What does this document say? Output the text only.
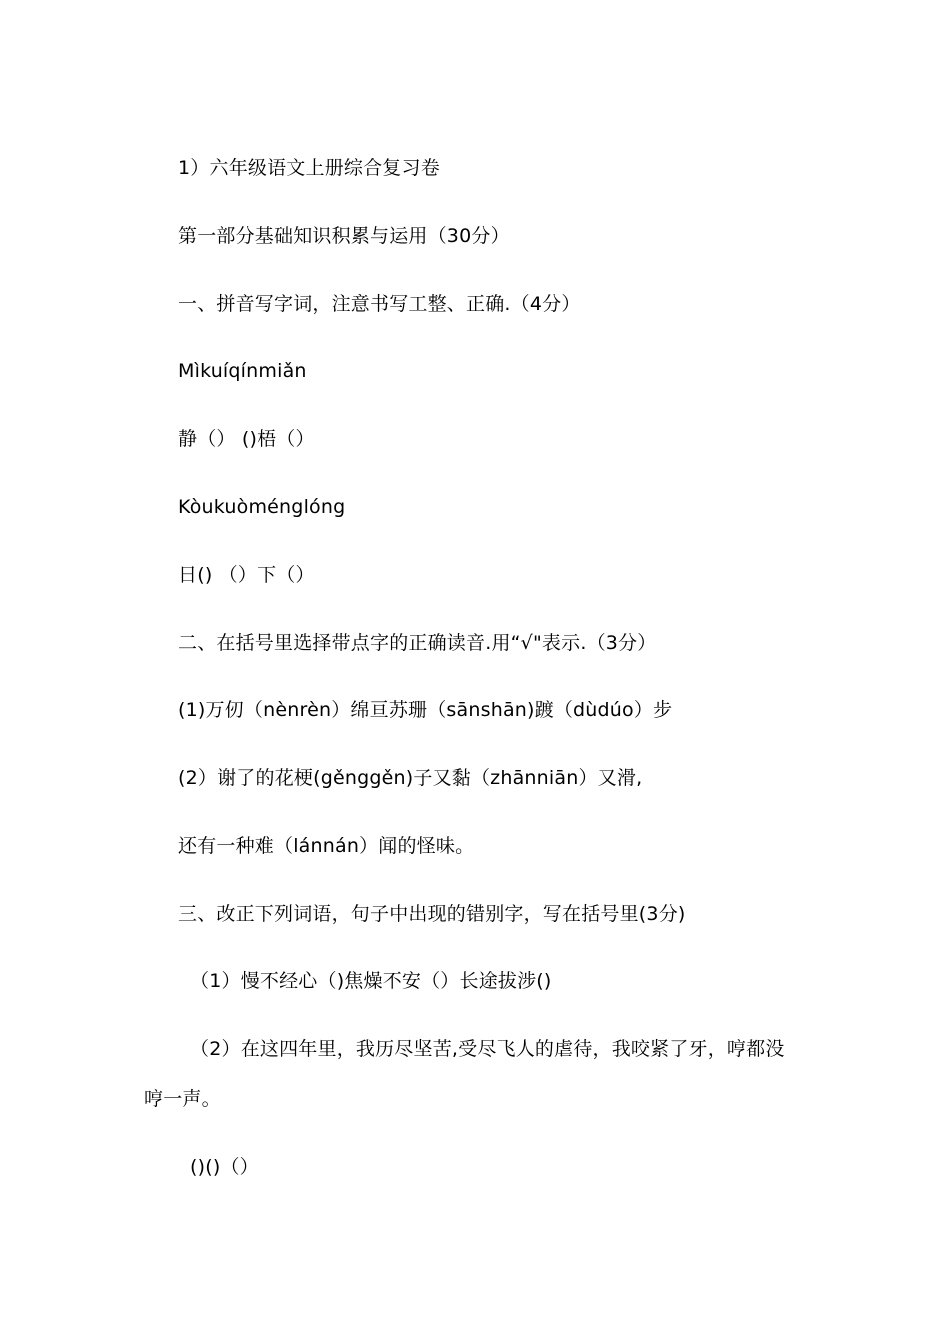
1）六年级语文上册综合复习卷
第一部分基础知识积累与运用（30分）
一、拼音写字词，注意书写工整、正确.（4分）
Mìkuíqínmiǎn
静（） ()梧（）
Kòukuòménglóng
日() （）下（）
二、在括号里选择带点字的正确读音.用“√"表示.（3分）
(1)万仞（nènrèn）绵亘苏珊（sānshān)踱（dùdúo）步
(2）谢了的花梗(gěnggěn)子又黏（zhānniān）又滑,
还有一种难（lánnán）闻的怪味。
三、改正下列词语，句子中出现的错别字，写在括号里(3分)
（1）慢不经心（)焦燥不安（）长途拔涉()
（2）在这四年里，我历尽坚苦,受尽飞人的虐待，我咬紧了牙，哼都没
哼一声。
()()（）
